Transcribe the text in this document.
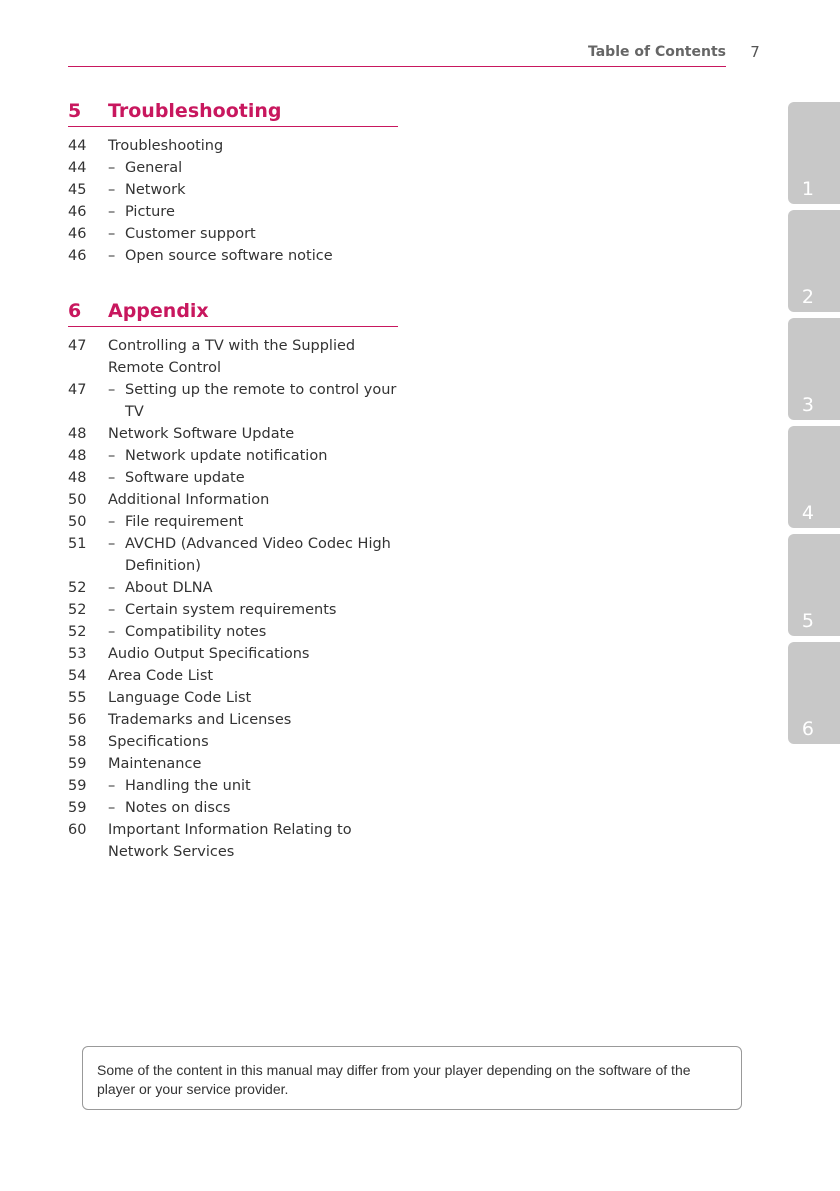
Table of Contents 7
5 Troubleshooting
44	Troubleshooting
44	– General
45	– Network
46	– Picture
46	– Customer support
46	– Open source software notice
6 Appendix
47	Controlling a TV with the Supplied Remote Control
47	– Setting up the remote to control your TV
48	Network Software Update
48	– Network update notification
48	– Software update
50	Additional Information
50	– File requirement
51	– AVCHD (Advanced Video Codec High Definition)
52	– About DLNA
52	– Certain system requirements
52	– Compatibility notes
53	Audio Output Specifications
54	Area Code List
55	Language Code List
56	Trademarks and Licenses
58	Specifications
59	Maintenance
59	– Handling the unit
59	– Notes on discs
60	Important Information Relating to Network Services
1
2
3
4
5
6
Some of the content in this manual may differ from your player depending on the software of the player or your service provider.
